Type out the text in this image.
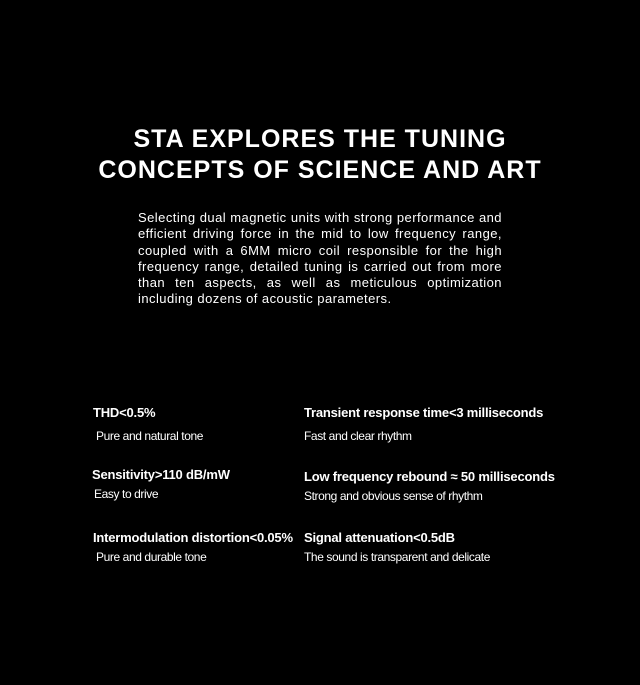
STA EXPLORES THE TUNING
CONCEPTS OF SCIENCE AND ART

Selecting dual magnetic units with strong performance and efficient driving force in the mid to low frequency range, coupled with a 6MM micro coil responsible for the high frequency range, detailed tuning is carried out from more than ten aspects, as well as meticulous optimization including dozens of acoustic parameters.

THD<0.5%
Pure and natural tone
Transient response time<3 milliseconds
Fast and clear rhythm
Sensitivity>110 dB/mW
Easy to drive
Low frequency rebound ≈ 50 milliseconds
Strong and obvious sense of rhythm
Intermodulation distortion<0.05%
Pure and durable tone
Signal attenuation<0.5dB
The sound is transparent and delicate
